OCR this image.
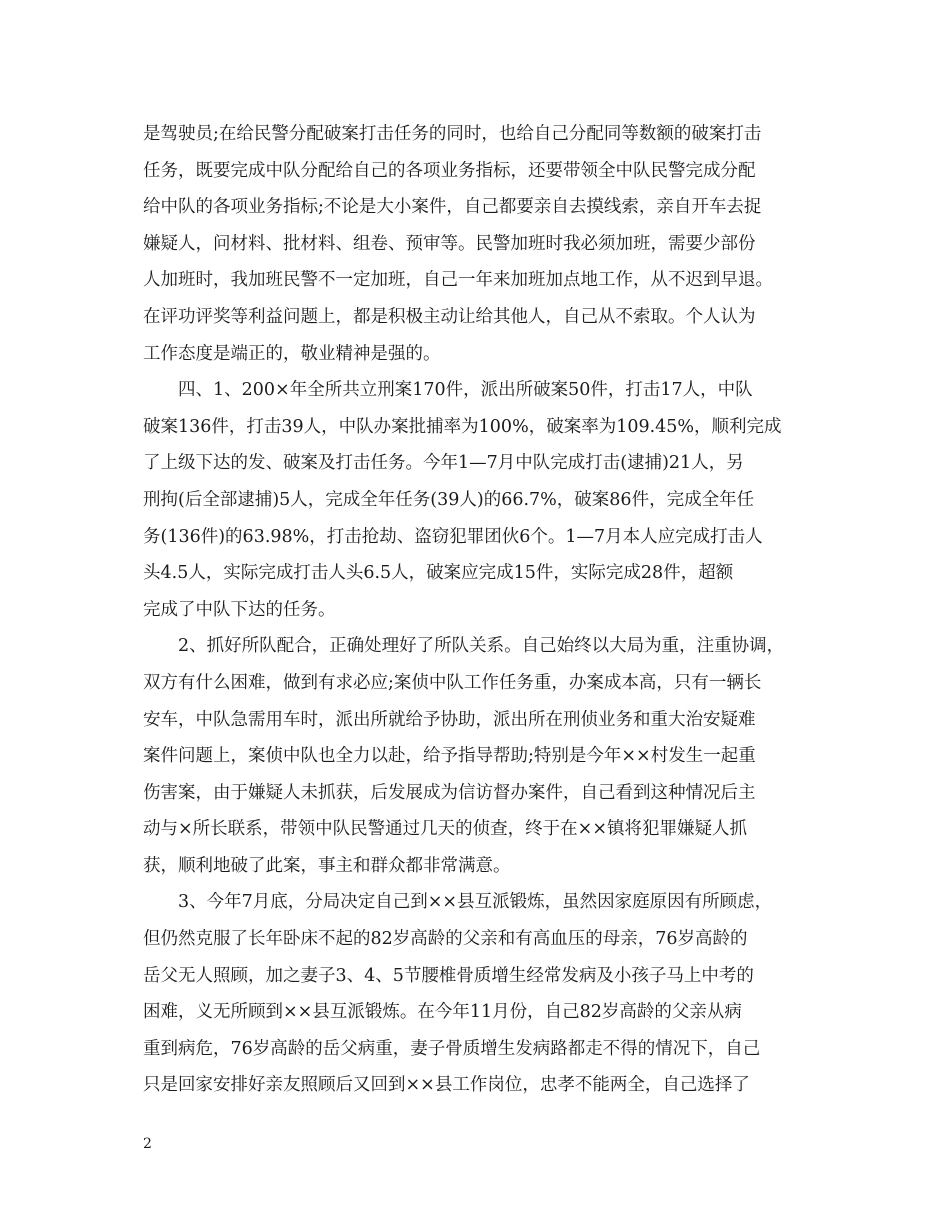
是驾驶员;在给民警分配破案打击任务的同时，也给自己分配同等数额的破案打击
任务，既要完成中队分配给自己的各项业务指标，还要带领全中队民警完成分配
给中队的各项业务指标;不论是大小案件，自己都要亲自去摸线索，亲自开车去捉
嫌疑人，问材料、批材料、组卷、预审等。民警加班时我必须加班，需要少部份
人加班时，我加班民警不一定加班，自己一年来加班加点地工作，从不迟到早退。
在评功评奖等利益问题上，都是积极主动让给其他人，自己从不索取。个人认为
工作态度是端正的，敬业精神是强的。
　　四、1、200×年全所共立刑案170件，派出所破案50件，打击17人，中队
破案136件，打击39人，中队办案批捕率为100%，破案率为109.45%，顺利完成
了上级下达的发、破案及打击任务。今年1—7月中队完成打击(逮捕)21人，另
刑拘(后全部逮捕)5人，完成全年任务(39人)的66.7%，破案86件，完成全年任
务(136件)的63.98%，打击抢劫、盗窃犯罪团伙6个。1—7月本人应完成打击人
头4.5人，实际完成打击人头6.5人，破案应完成15件，实际完成28件，超额
完成了中队下达的任务。
　　2、抓好所队配合，正确处理好了所队关系。自己始终以大局为重，注重协调，
双方有什么困难，做到有求必应;案侦中队工作任务重，办案成本高，只有一辆长
安车，中队急需用车时，派出所就给予协助，派出所在刑侦业务和重大治安疑难
案件问题上，案侦中队也全力以赴，给予指导帮助;特别是今年××村发生一起重
伤害案，由于嫌疑人未抓获，后发展成为信访督办案件，自己看到这种情况后主
动与×所长联系，带领中队民警通过几天的侦查，终于在××镇将犯罪嫌疑人抓
获，顺利地破了此案，事主和群众都非常满意。
　　3、今年7月底，分局决定自己到××县互派锻炼，虽然因家庭原因有所顾虑，
但仍然克服了长年卧床不起的82岁高龄的父亲和有高血压的母亲，76岁高龄的
岳父无人照顾，加之妻子3、4、5节腰椎骨质增生经常发病及小孩子马上中考的
困难，义无所顾到××县互派锻炼。在今年11月份，自己82岁高龄的父亲从病
重到病危，76岁高龄的岳父病重，妻子骨质增生发病路都走不得的情况下，自己
只是回家安排好亲友照顾后又回到××县工作岗位，忠孝不能两全，自己选择了
2
